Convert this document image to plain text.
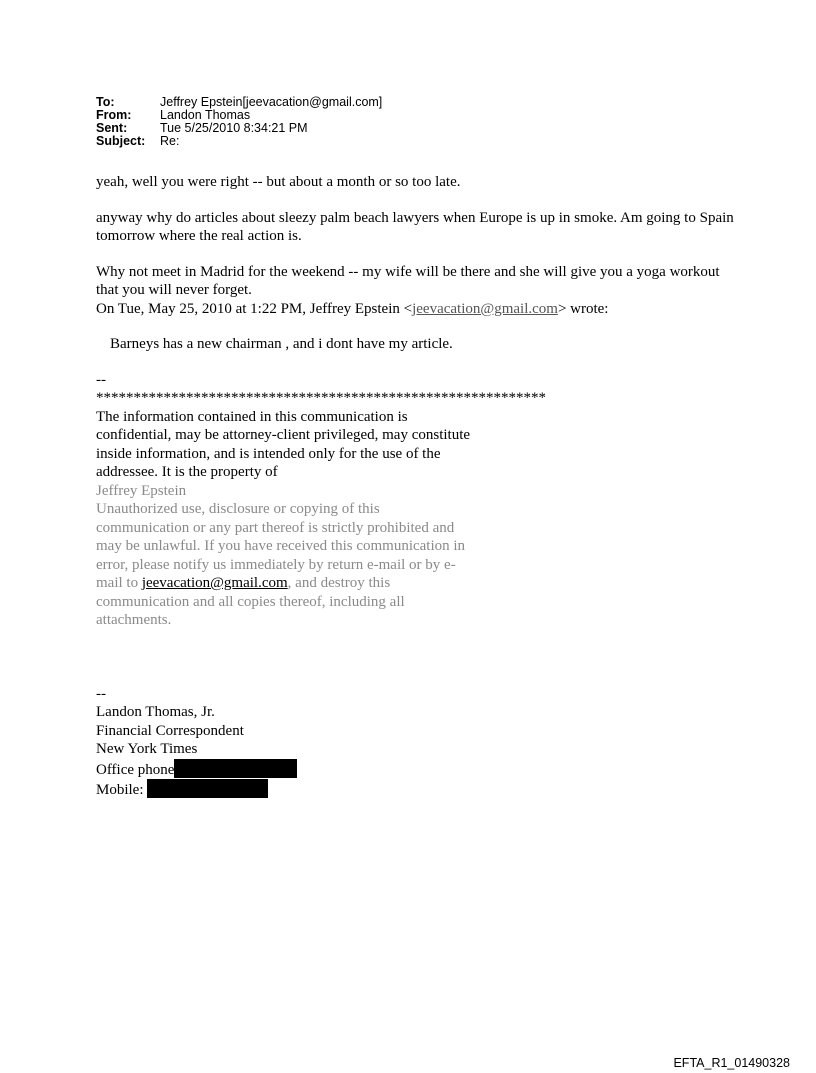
To:	Jeffrey Epstein[jeevacation@gmail.com]
From:	Landon Thomas
Sent:	Tue 5/25/2010 8:34:21 PM
Subject:	Re:

yeah, well you were right -- but about a month or so too late.

anyway why do articles about sleezy palm beach lawyers when Europe is up in smoke. Am going to Spain tomorrow where the real action is.

Why not meet in Madrid for the weekend -- my wife will be there and she will give you a yoga workout that you will never forget.

On Tue, May 25, 2010 at 1:22 PM, Jeffrey Epstein <jeevacation@gmail.com> wrote:

Barneys has a new chairman , and i dont have my article.

--

************************************************************

The information contained in this communication is confidential, may be attorney-client privileged, may constitute inside information, and is intended only for the use of the addressee. It is the property of

Jeffrey Epstein

Unauthorized use, disclosure or copying of this communication or any part thereof is strictly prohibited and may be unlawful. If you have received this communication in error, please notify us immediately by return e-mail or by e-mail to jeevacation@gmail.com, and destroy this communication and all copies thereof, including all attachments.

--

Landon Thomas, Jr.

Financial Correspondent

New York Times

Office phone

Mobile:

EFTA_R1_01490328
